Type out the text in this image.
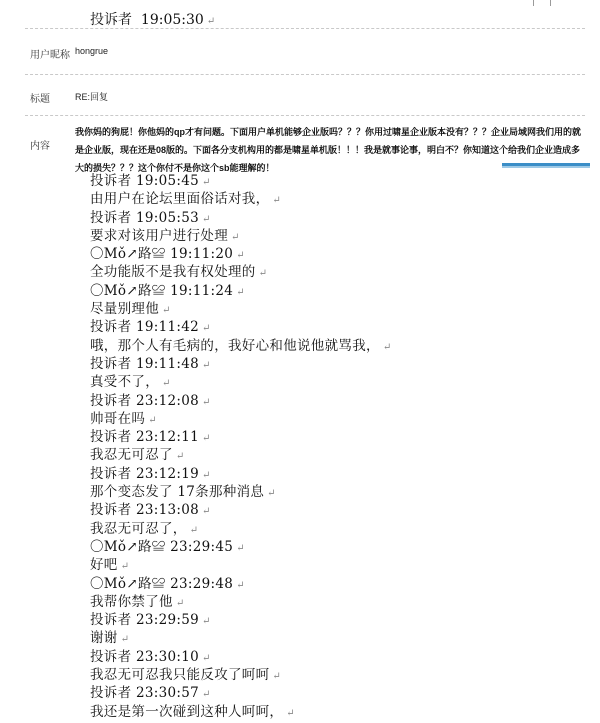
投诉者 19:05:30 ↵
用户昵称 hongrue
标题	RE:回复
内容
我你妈的狗屁！你他妈的qp才有问题。下面用户单机能够企业版吗？？？你用过啸星企业版本没有？？？企业局域网我们用的就是企业版，现在还是08版的。下面各分支机构用的都是啸星单机版！！！我是就事论事，明白不？你知道这个给我们企业造成多大的损失？？？这个你付不是你这个sb能理解的！
投诉者 19:05:45 ↵
由用户在论坛里面俗话对我， ↵
投诉者 19:05:53 ↵
要求对该用户进行处理 ↵
〇Mǒ↗路≌ 19:11:20 ↵
全功能版不是我有权处理的 ↵
〇Mǒ↗路≌ 19:11:24 ↵
尽量别理他 ↵
投诉者 19:11:42 ↵
哦，那个人有毛病的，我好心和他说他就骂我， ↵
投诉者 19:11:48 ↵
真受不了， ↵
投诉者 23:12:08 ↵
帅哥在吗 ↵
投诉者 23:12:11 ↵
我忍无可忍了 ↵
投诉者 23:12:19 ↵
那个变态发了 17条那种消息 ↵
投诉者 23:13:08 ↵
我忍无可忍了， ↵
〇Mǒ↗路≌ 23:29:45 ↵
好吧 ↵
〇Mǒ↗路≌ 23:29:48 ↵
我帮你禁了他 ↵
投诉者 23:29:59 ↵
谢谢 ↵
投诉者 23:30:10 ↵
我忍无可忍我只能反攻了呵呵 ↵
投诉者 23:30:57 ↵
我还是第一次碰到这种人呵呵， ↵
